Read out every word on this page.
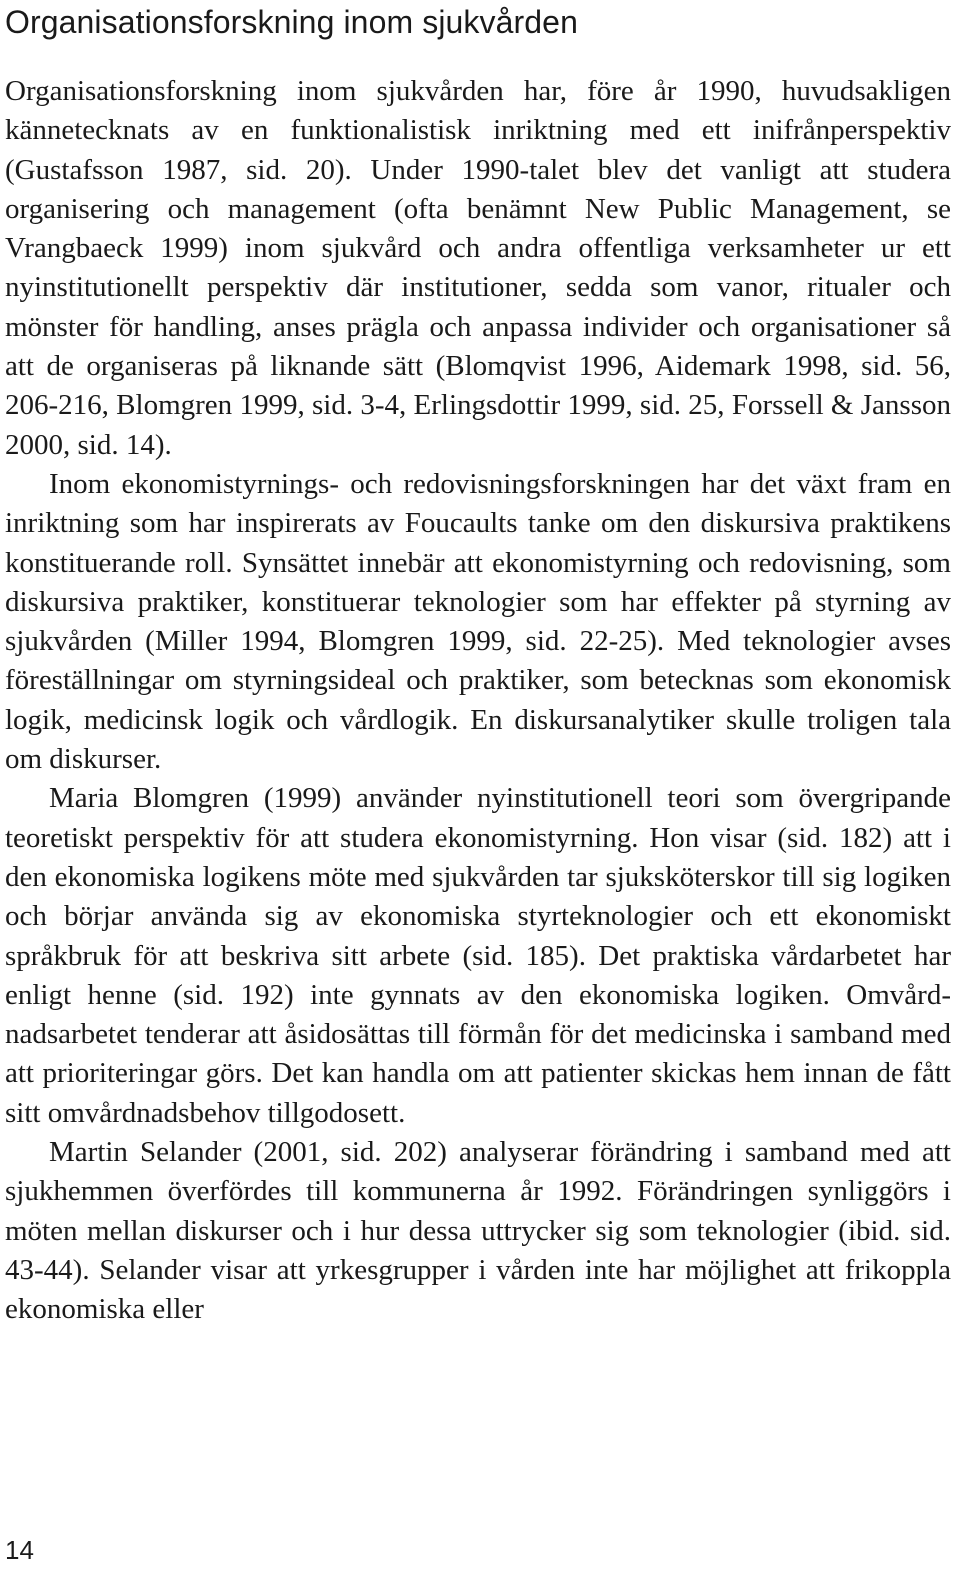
Organisationsforskning inom sjukvården

Organisationsforskning inom sjukvården har, före år 1990, huvudsakligen kännetecknats av en funktionalistisk inriktning med ett inifrånperspektiv (Gustafsson 1987, sid. 20). Under 1990-talet blev det vanligt att studera organisering och management (ofta benämnt New Public Management, se Vrangbaeck 1999) inom sjukvård och andra offentliga verksamheter ur ett nyinstitutionellt perspektiv där institutioner, sedda som vanor, ritualer och mönster för handling, anses prägla och anpassa individer och organisationer så att de organiseras på liknande sätt (Blomqvist 1996, Aidemark 1998, sid. 56, 206-216, Blomgren 1999, sid. 3-4, Erlingsdottir 1999, sid. 25, Forssell & Jansson 2000, sid. 14).

Inom ekonomistyrnings- och redovisningsforskningen har det växt fram en inriktning som har inspirerats av Foucaults tanke om den diskursiva praktikens konstituerande roll. Synsättet innebär att ekonomistyrning och redovisning, som diskursiva praktiker, konstituerar teknologier som har effekter på styrning av sjukvården (Miller 1994, Blomgren 1999, sid. 22-25). Med teknologier avses föreställningar om styrningsideal och praktiker, som betecknas som ekonomisk logik, medicinsk logik och vårdlogik. En diskursanalytiker skulle troligen tala om diskurser.

Maria Blomgren (1999) använder nyinstitutionell teori som övergripande teoretiskt perspektiv för att studera ekonomistyrning. Hon visar (sid. 182) att i den ekonomiska logikens möte med sjukvården tar sjuksköterskor till sig logiken och börjar använda sig av ekonomiska styrteknologier och ett ekonomiskt språkbruk för att beskriva sitt arbete (sid. 185). Det praktiska vårdarbetet har enligt henne (sid. 192) inte gynnats av den ekonomiska logiken. Omvårdnadsarbetet tenderar att åsidosättas till förmån för det medicinska i samband med att prioriteringar görs. Det kan handla om att patienter skickas hem innan de fått sitt omvårdnadsbehov tillgodosett.

Martin Selander (2001, sid. 202) analyserar förändring i samband med att sjukhemmen överfördes till kommunerna år 1992. Förändringen synliggörs i möten mellan diskurser och i hur dessa uttrycker sig som teknologier (ibid. sid. 43-44). Selander visar att yrkesgrupper i vården inte har möjlighet att frikoppla ekonomiska eller

14
